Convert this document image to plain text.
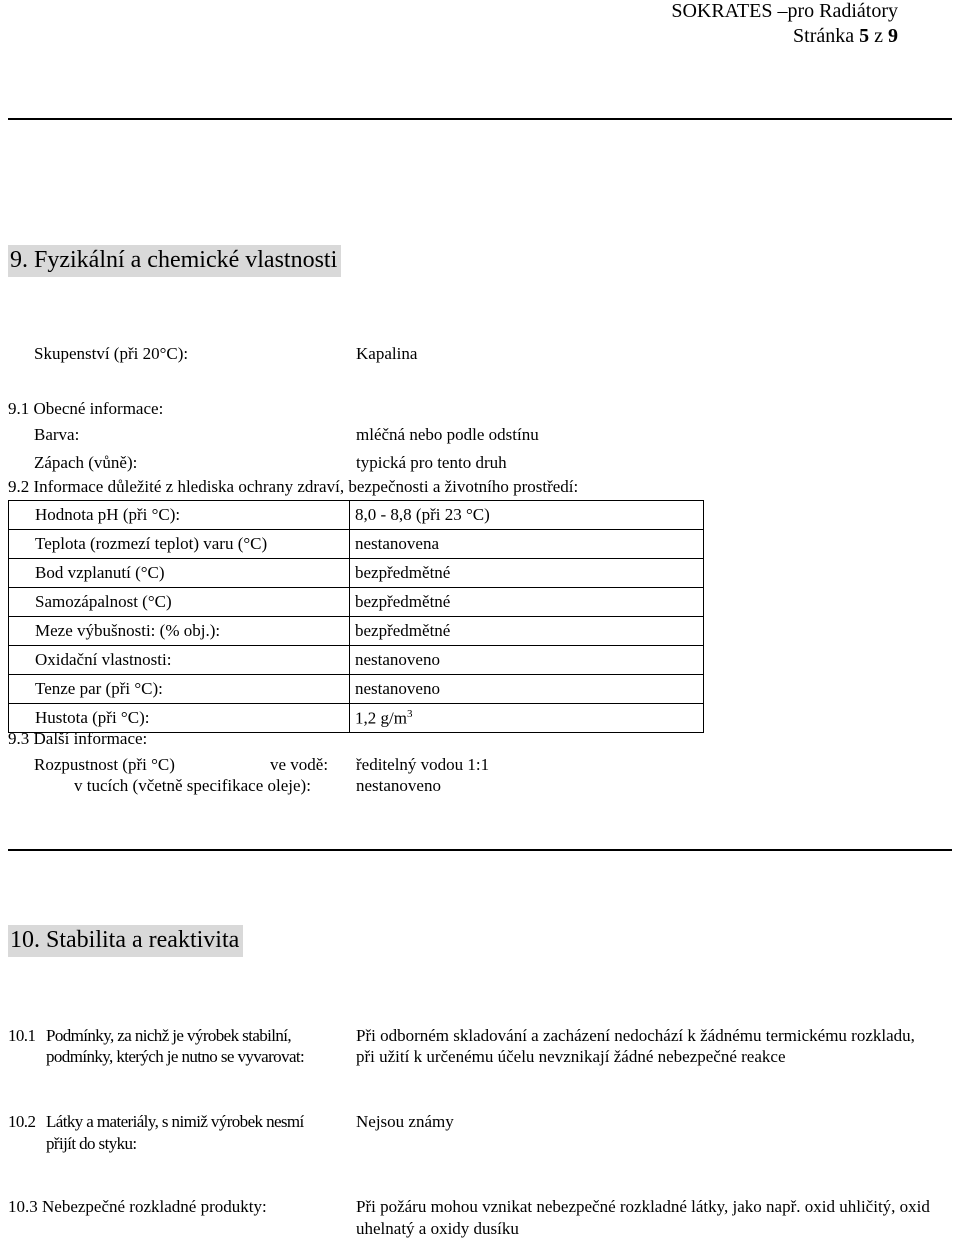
SOKRATES –pro Radiátory
Stránka 5 z 9
9. Fyzikální a chemické vlastnosti
Skupenství (při 20°C):	Kapalina
9.1 Obecné informace:
Barva:	mléčná nebo podle odstínu
Zápach (vůně):	typická pro tento druh
9.2 Informace důležité z hlediska ochrany zdraví, bezpečnosti a životního prostředí:
Hodnota pH (při °C):	8,0 - 8,8 (při 23 °C)
Teplota (rozmezí teplot) varu (°C)	nestanovena
Bod vzplanutí (°C)	bezpředmětné
Samozápalnost (°C)	bezpředmětné
Meze výbušnosti: (% obj.):	bezpředmětné
Oxidační vlastnosti:	nestanoveno
Tenze par (při °C):	nestanoveno
Hustota (při °C):	1,2 $g/m^3$
9.3 Další informace:
Rozpustnost (při °C)	ve vodě: ředitelný vodou 1:1
v tucích (včetně specifikace oleje):	nestanoveno
10. Stabilita a reaktivita
10.1 Podmínky, za nichž je výrobek stabilní,
podmínky, kterých je nutno se vyvarovat:
Při odborném skladování a zacházení nedochází k žádnému termickému rozkladu,
při užití k určenému účelu nevznikají žádné nebezpečné reakce
10.2 Látky a materiály, s nimiž výrobek nesmí
přijít do styku:
Nejsou známy
10.3 Nebezpečné rozkladné produkty:	Při požáru mohou vznikat nebezpečné rozkladné látky, jako např. oxid uhličitý, oxid
uhelnatý a oxidy dusíku
